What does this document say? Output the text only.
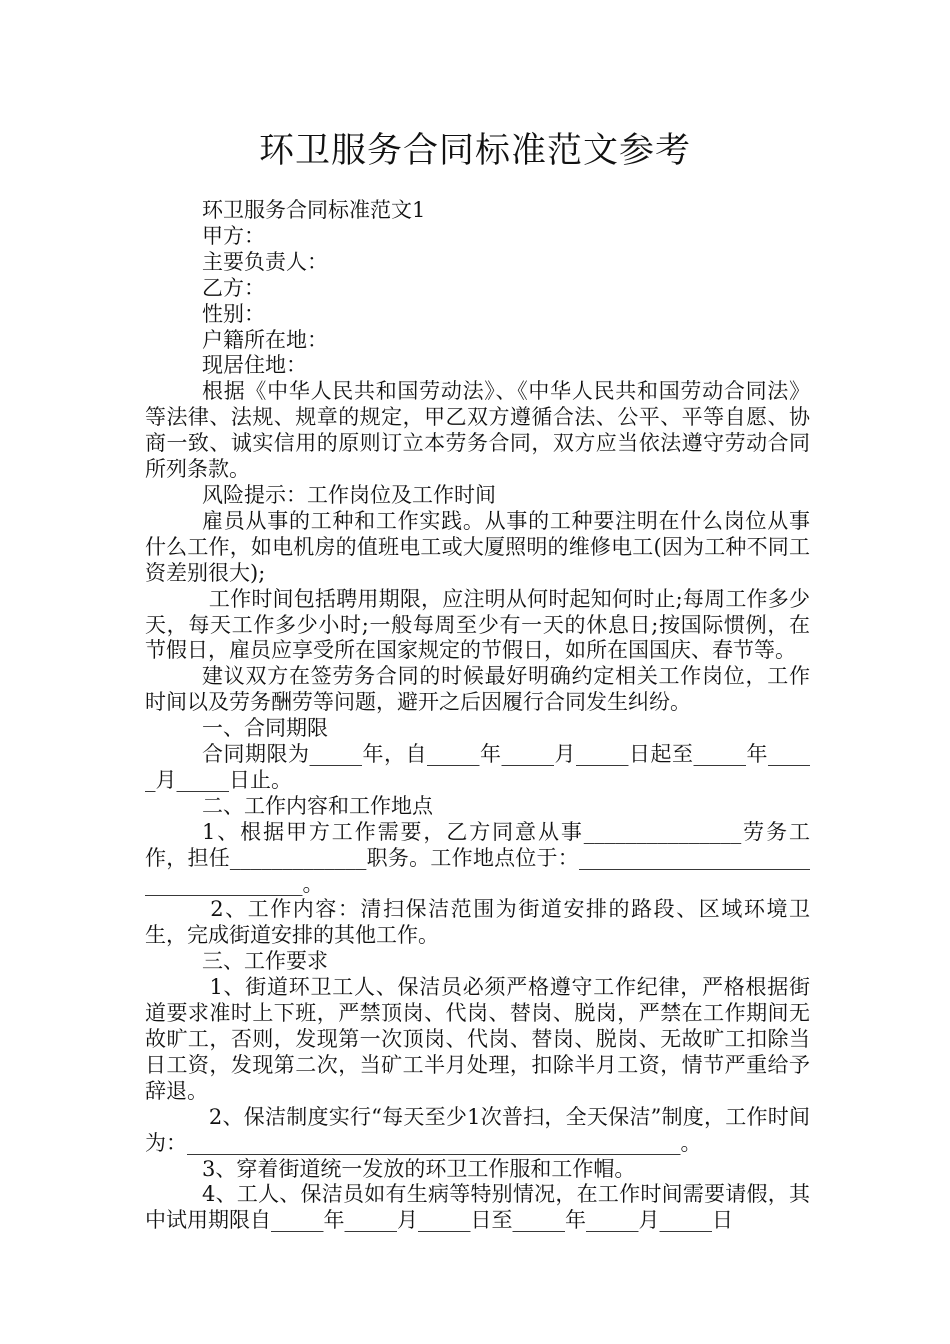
环卫服务合同标准范文参考

环卫服务合同标准范文1

甲方：

主要负责人：

乙方：

性别：

户籍所在地：

现居住地：

根据《中华人民共和国劳动法》、《中华人民共和国劳动合同法》等法律、法规、规章的规定，甲乙双方遵循合法、公平、平等自愿、协商一致、诚实信用的原则订立本劳务合同，双方应当依法遵守劳动合同所列条款。

风险提示：工作岗位及工作时间

雇员从事的工种和工作实践。从事的工种要注明在什么岗位从事什么工作，如电机房的值班电工或大厦照明的维修电工(因为工种不同工资差别很大);

工作时间包括聘用期限，应注明从何时起知何时止;每周工作多少天，每天工作多少小时;一般每周至少有一天的休息日;按国际惯例，在节假日，雇员应享受所在国家规定的节假日，如所在国国庆、春节等。

建议双方在签劳务合同的时候最好明确约定相关工作岗位，工作时间以及劳务酬劳等问题，避开之后因履行合同发生纠纷。

一、合同期限

合同期限为_____年，自_____年_____月_____日起至_____年_____月_____日止。

二、工作内容和工作地点

1、根据甲方工作需要，乙方同意从事_______________劳务工作，担任_____________职务。工作地点位于：_____________________________________。

2、工作内容：清扫保洁范围为街道安排的路段、区域环境卫生，完成街道安排的其他工作。

三、工作要求

1、街道环卫工人、保洁员必须严格遵守工作纪律，严格根据街道要求准时上下班，严禁顶岗、代岗、替岗、脱岗，严禁在工作期间无故旷工，否则，发现第一次顶岗、代岗、替岗、脱岗、无故旷工扣除当日工资，发现第二次，当矿工半月处理，扣除半月工资，情节严重给予辞退。

2、保洁制度实行“每天至少1次普扫，全天保洁”制度，工作时间为：_______________________________________________。

3、穿着街道统一发放的环卫工作服和工作帽。

4、工人、保洁员如有生病等特别情况，在工作时间需要请假，其中试用期限自_____年_____月_____日至_____年_____月_____日
